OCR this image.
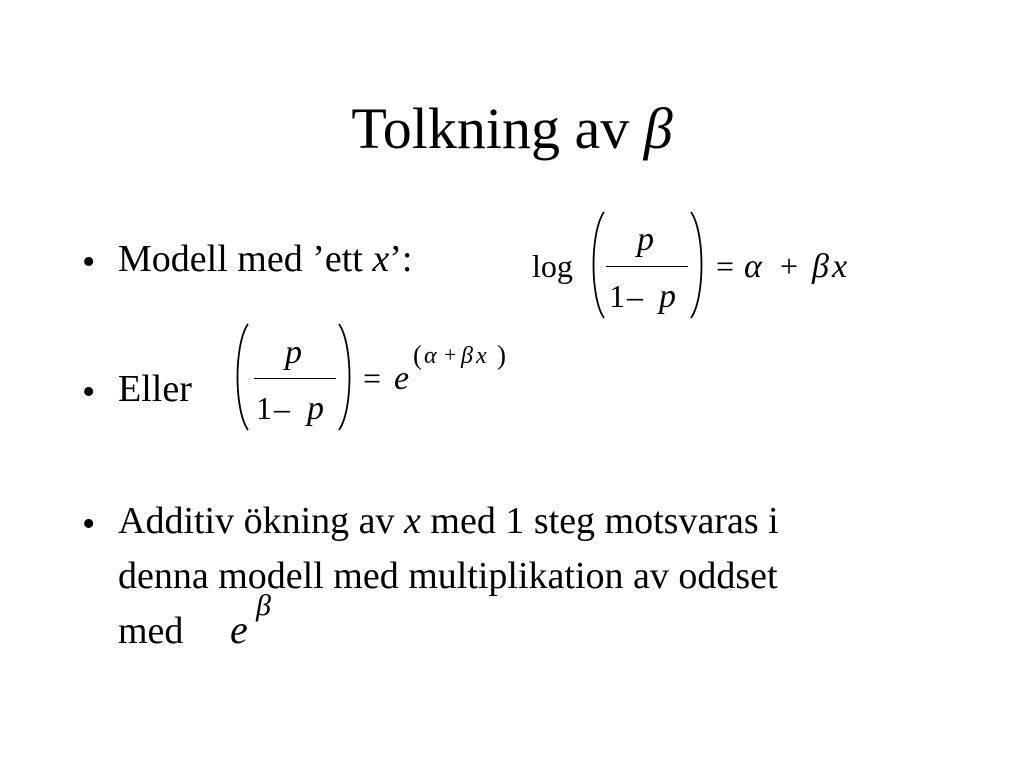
Tolkning av β
• Modell med ’ett x’:	log
p
1 – p
= α + β x
• Eller
p
1 – p
= e
( α + β x )
• Additiv ökning av x med 1 steg motsvaras i
denna modell med multiplikation av oddset
med e
β
